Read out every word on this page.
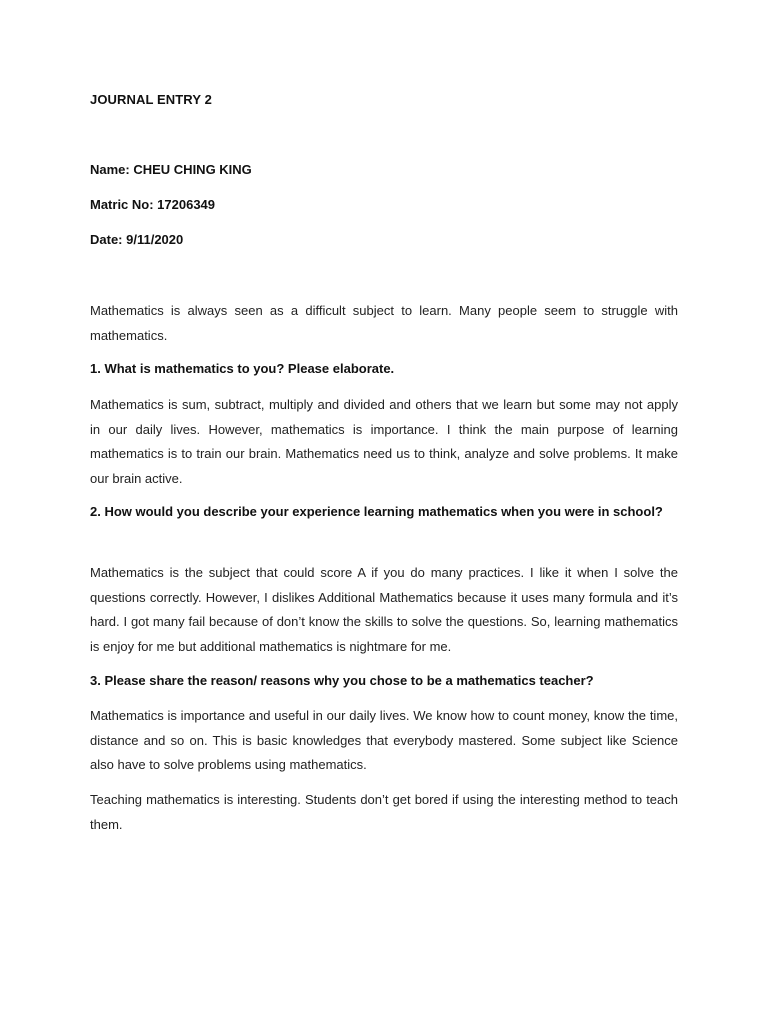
JOURNAL ENTRY 2
Name: CHEU CHING KING
Matric No: 17206349
Date: 9/11/2020
Mathematics is always seen as a difficult subject to learn. Many people seem to struggle with mathematics.
1. What is mathematics to you? Please elaborate.
Mathematics is sum, subtract, multiply and divided and others that we learn but some may not apply in our daily lives. However, mathematics is importance. I think the main purpose of learning mathematics is to train our brain. Mathematics need us to think, analyze and solve problems. It make our brain active.
2. How would you describe your experience learning mathematics when you were in school?
Mathematics is the subject that could score A if you do many practices. I like it when I solve the questions correctly. However, I dislikes Additional Mathematics because it uses many formula and it’s hard. I got many fail because of don’t know the skills to solve the questions. So, learning mathematics is enjoy for me but additional mathematics is nightmare for me.
3. Please share the reason/ reasons why you chose to be a mathematics teacher?
Mathematics is importance and useful in our daily lives. We know how to count money, know the time, distance and so on. This is basic knowledges that everybody mastered. Some subject like Science also have to solve problems using mathematics.
Teaching mathematics is interesting. Students don’t get bored if using the interesting method to teach them.
